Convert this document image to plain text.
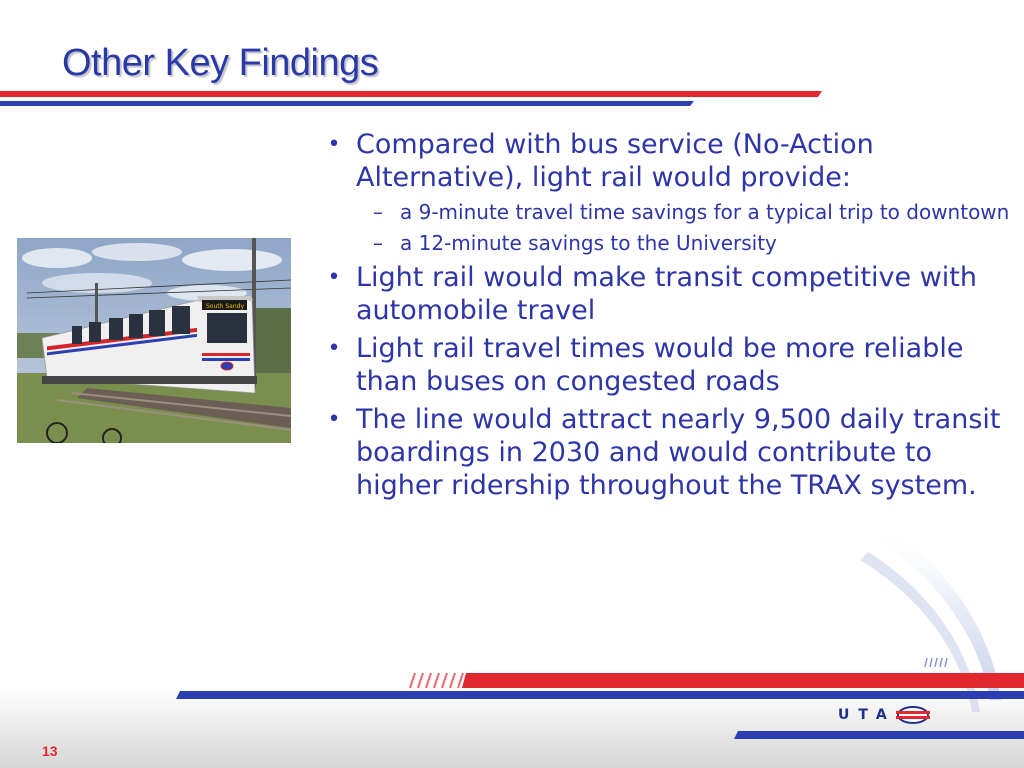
Other Key Findings
South Sandy
• Compared with bus service (No-Action Alternative), light rail would provide:
– a 9-minute travel time savings for a typical trip to downtown
– a 12-minute savings to the University
• Light rail would make transit competitive with automobile travel
• Light rail travel times would be more reliable than buses on congested roads
• The line would attract nearly 9,500 daily transit boardings in 2030 and would contribute to higher ridership throughout the TRAX system.
UTA
13
